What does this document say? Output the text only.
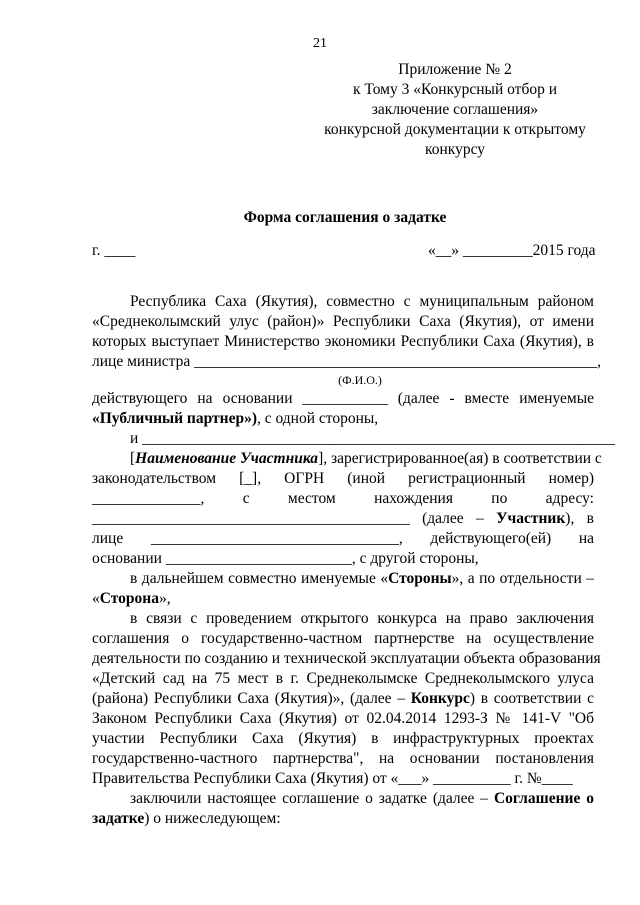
21
Приложение № 2
к Тому 3 «Конкурсный отбор и
заключение соглашения»
конкурсной документации к открытому
конкурсу
Форма соглашения о задатке
г. ____	«__» _________2015 года
Республика Саха (Якутия), совместно с муниципальным районом
«Среднеколымский улус (район)» Республики Саха (Якутия), от имени
которых выступает Министерство экономики Республики Саха (Якутия), в
лице министра ____________________________________________________,
(Ф.И.О.)
действующего на основании ___________ (далее - вместе именуемые
«Публичный партнер»), с одной стороны,
и _____________________________________________________________
[Наименование Участника], зарегистрированное(ая) в соответствии с
законодательством [_], ОГРН (иной регистрационный номер)
______________, с местом нахождения по адресу:
_________________________________________ (далее – Участник), в
лице ________________________________, действующего(ей) на
основании ________________________, с другой стороны,
в дальнейшем совместно именуемые «Стороны», а по отдельности –
«Сторона»,
в связи с проведением открытого конкурса на право заключения
соглашения о государственно-частном партнерстве на осуществление
деятельности по созданию и технической эксплуатации объекта образования
«Детский сад на 75 мест в г. Среднеколымске Среднеколымского улуса
(района) Республики Саха (Якутия)», (далее – Конкурс) в соответствии с
Законом Республики Саха (Якутия) от 02.04.2014 1293-З № 141-V "Об
участии Республики Саха (Якутия) в инфраструктурных проектах
государственно-частного партнерства", на основании постановления
Правительства Республики Саха (Якутия) от «___» __________ г. №____
заключили настоящее соглашение о задатке (далее – Соглашение о
задатке) о нижеследующем:
